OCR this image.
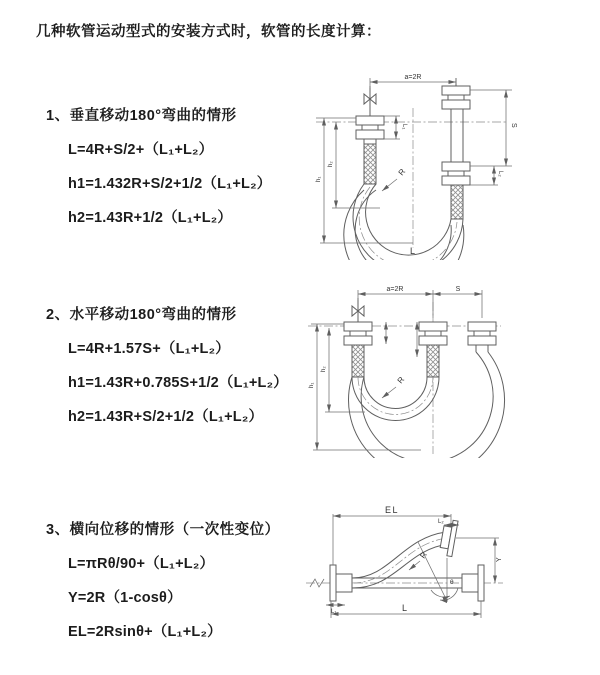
几种软管运动型式的安装方式时，软管的长度计算：
1、垂直移动180°弯曲的情形
L=4R+S/2+（L₁+L₂）
h1=1.432R+S/2+1/2（L₁+L₂）
h2=1.43R+1/2（L₁+L₂）
2、水平移动180°弯曲的情形
L=4R+1.57S+（L₁+L₂）
h1=1.43R+0.785S+1/2（L₁+L₂）
h2=1.43R+S/2+1/2（L₁+L₂）
3、横向位移的情形（一次性变位）
L=πRθ/90+（L₁+L₂）
Y=2R（1-cosθ）
EL=2Rsinθ+（L₁+L₂）
a=2R
L₁	S
L₂
h₁
h₂
R
L
a=2R	S
h₁
h₂
R
EL
L₂
Y
L
L₁
θ
R
